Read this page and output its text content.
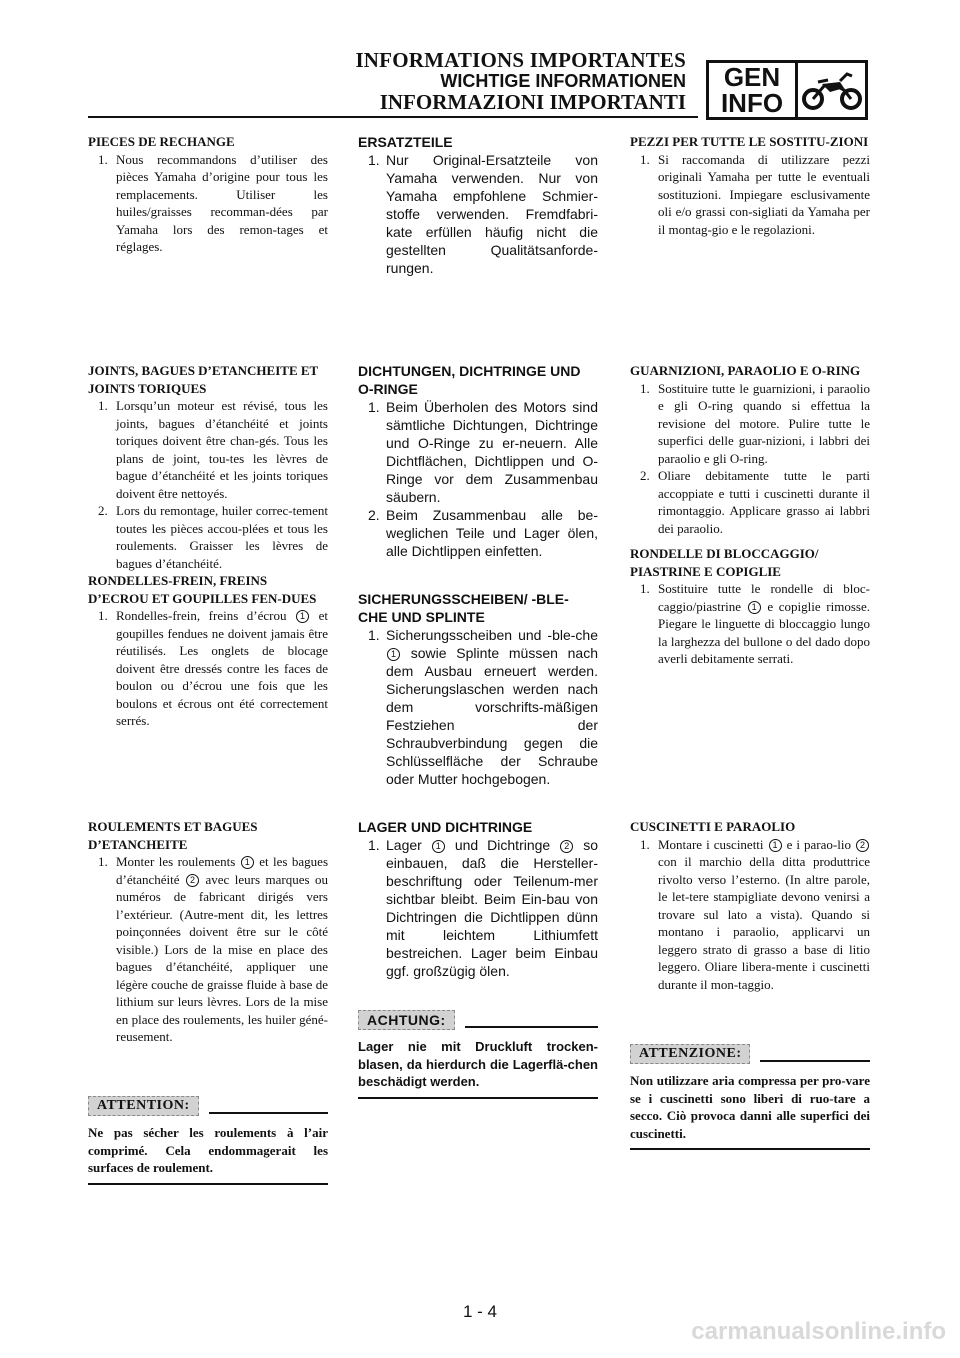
INFORMATIONS IMPORTANTES
WICHTIGE INFORMATIONEN
INFORMAZIONI IMPORTANTI
GEN
INFO
PIECES DE RECHANGE
1. Nous recommandons d’utiliser des pièces Yamaha d’origine pour tous les remplacements. Utiliser les huiles/graisses recomman-dées par Yamaha lors des remon-tages et réglages.
ERSATZTEILE
1. Nur Original-Ersatzteile von Yamaha verwenden. Nur von Yamaha empfohlene Schmier-stoffe verwenden. Fremdfabri-kate erfüllen häufig nicht die gestellten Qualitätsanforde-rungen.
PEZZI PER TUTTE LE SOSTITU-ZIONI
1. Si raccomanda di utilizzare pezzi originali Yamaha per tutte le eventuali sostituzioni. Impiegare esclusivamente oli e/o grassi con-sigliati da Yamaha per il montag-gio e le regolazioni.
JOINTS, BAGUES D’ETANCHEITE ET JOINTS TORIQUES
1. Lorsqu’un moteur est révisé, tous les joints, bagues d’étanchéité et joints toriques doivent être chan-gés. Tous les plans de joint, tou-tes les lèvres de bague d’étanchéité et les joints toriques doivent être nettoyés.
2. Lors du remontage, huiler correc-tement toutes les pièces accou-plées et tous les roulements. Graisser les lèvres de bagues d’étanchéité.
RONDELLES-FREIN, FREINS D’ECROU ET GOUPILLES FEN-DUES
1. Rondelles-frein, freins d’écrou 1 et goupilles fendues ne doivent jamais être réutilisés. Les onglets de blocage doivent être dressés contre les faces de boulon ou d’écrou une fois que les boulons et écrous ont été correctement serrés.
DICHTUNGEN, DICHTRINGE UND O-RINGE
1. Beim Überholen des Motors sind sämtliche Dichtungen, Dichtringe und O-Ringe zu er-neuern. Alle Dichtflächen, Dichtlippen und O-Ringe vor dem Zusammenbau säubern.
2. Beim Zusammenbau alle be-weglichen Teile und Lager ölen, alle Dichtlippen einfetten.
SICHERUNGSSCHEIBEN/ -BLE-CHE UND SPLINTE
1. Sicherungsscheiben und -ble-che 1 sowie Splinte müssen nach dem Ausbau erneuert werden. Sicherungslaschen werden nach dem vorschrifts-mäßigen Festziehen der Schraubverbindung gegen die Schlüsselfläche der Schraube oder Mutter hochgebogen.
GUARNIZIONI, PARAOLIO E O-RING
1. Sostituire tutte le guarnizioni, i paraolio e gli O-ring quando si effettua la revisione del motore. Pulire tutte le superfici delle guar-nizioni, i labbri dei paraolio e gli O-ring.
2. Oliare debitamente tutte le parti accoppiate e tutti i cuscinetti durante il rimontaggio. Applicare grasso ai labbri dei paraolio.
RONDELLE DI BLOCCAGGIO/ PIASTRINE E COPIGLIE
1. Sostituire tutte le rondelle di bloc-caggio/piastrine 1 e copiglie rimosse. Piegare le linguette di bloccaggio lungo la larghezza del bullone o del dado dopo averli debitamente serrati.
ROULEMENTS ET BAGUES D’ETANCHEITE
1. Monter les roulements 1 et les bagues d’étanchéité 2 avec leurs marques ou numéros de fabricant dirigés vers l’extérieur. (Autre-ment dit, les lettres poinçonnées doivent être sur le côté visible.) Lors de la mise en place des bagues d’étanchéité, appliquer une légère couche de graisse fluide à base de lithium sur leurs lèvres. Lors de la mise en place des roulements, les huiler géné-reusement.
ATTENTION:
Ne pas sécher les roulements à l’air comprimé. Cela endommagerait les surfaces de roulement.
LAGER UND DICHTRINGE
1. Lager 1 und Dichtringe 2 so einbauen, daß die Hersteller-beschriftung oder Teilenum-mer sichtbar bleibt. Beim Ein-bau von Dichtringen die Dichtlippen dünn mit leichtem Lithiumfett bestreichen. Lager beim Einbau ggf. großzügig ölen.
ACHTUNG:
Lager nie mit Druckluft trocken-blasen, da hierdurch die Lagerflä-chen beschädigt werden.
CUSCINETTI E PARAOLIO
1. Montare i cuscinetti 1 e i parao-lio 2 con il marchio della ditta produttrice rivolto verso l’esterno. (In altre parole, le let-tere stampigliate devono venirsi a trovare sul lato a vista). Quando si montano i paraolio, applicarvi un leggero strato di grasso a base di litio leggero. Oliare libera-mente i cuscinetti durante il mon-taggio.
ATTENZIONE:
Non utilizzare aria compressa per pro-vare se i cuscinetti sono liberi di ruo-tare a secco. Ciò provoca danni alle superfici dei cuscinetti.
1 - 4
carmanualsonline.info
